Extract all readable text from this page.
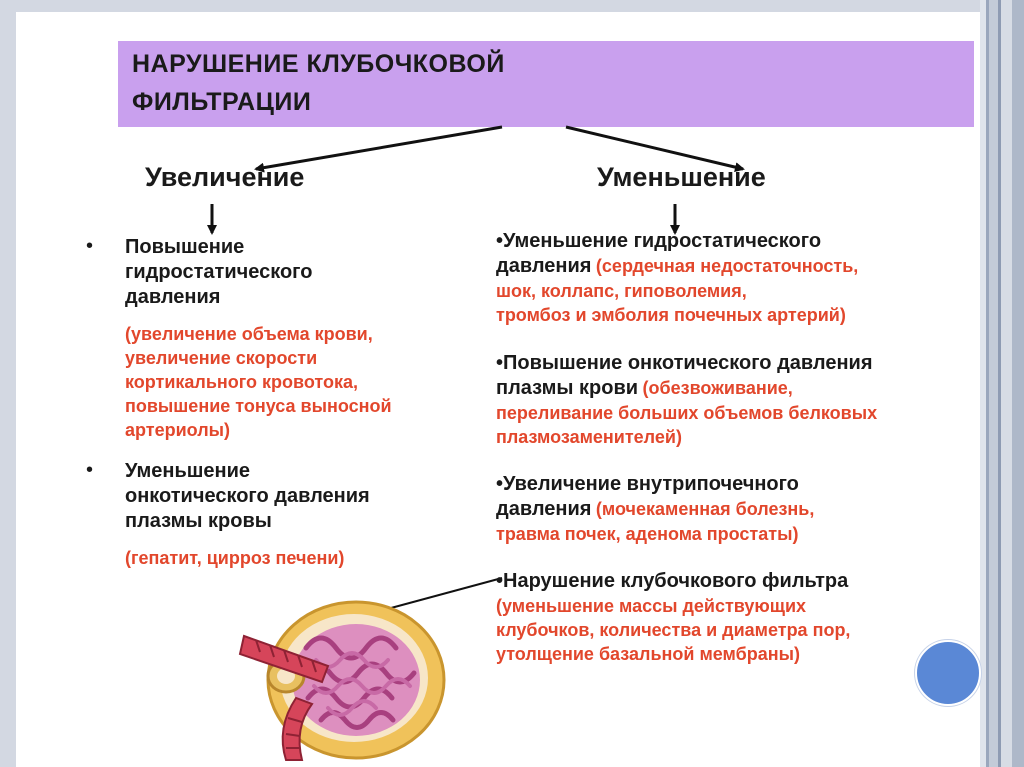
НАРУШЕНИЕ КЛУБОЧКОВОЙ
ФИЛЬТРАЦИИ
Увеличение	Уменьшение
• Повышение
гидростатического
давления
(увеличение объема крови,
увеличение скорости
кортикального кровотока,
повышение тонуса выносной
артериолы)
• Уменьшение
онкотического давления
плазмы кровы
(гепатит, цирроз печени)
•Уменьшение гидростатического
давления (сердечная недостаточность,
шок, коллапс, гиповолемия,
тромбоз и эмболия почечных артерий)
•Повышение онкотического давления
плазмы крови (обезвоживание,
переливание больших объемов белковых
плазмозаменителей)
•Увеличение внутрипочечного
давления (мочекаменная болезнь,
травма почек, аденома простаты)
•Нарушение клубочкового фильтра
(уменьшение массы действующих
клубочков, количества и диаметра пор,
утолщение базальной мембраны)
